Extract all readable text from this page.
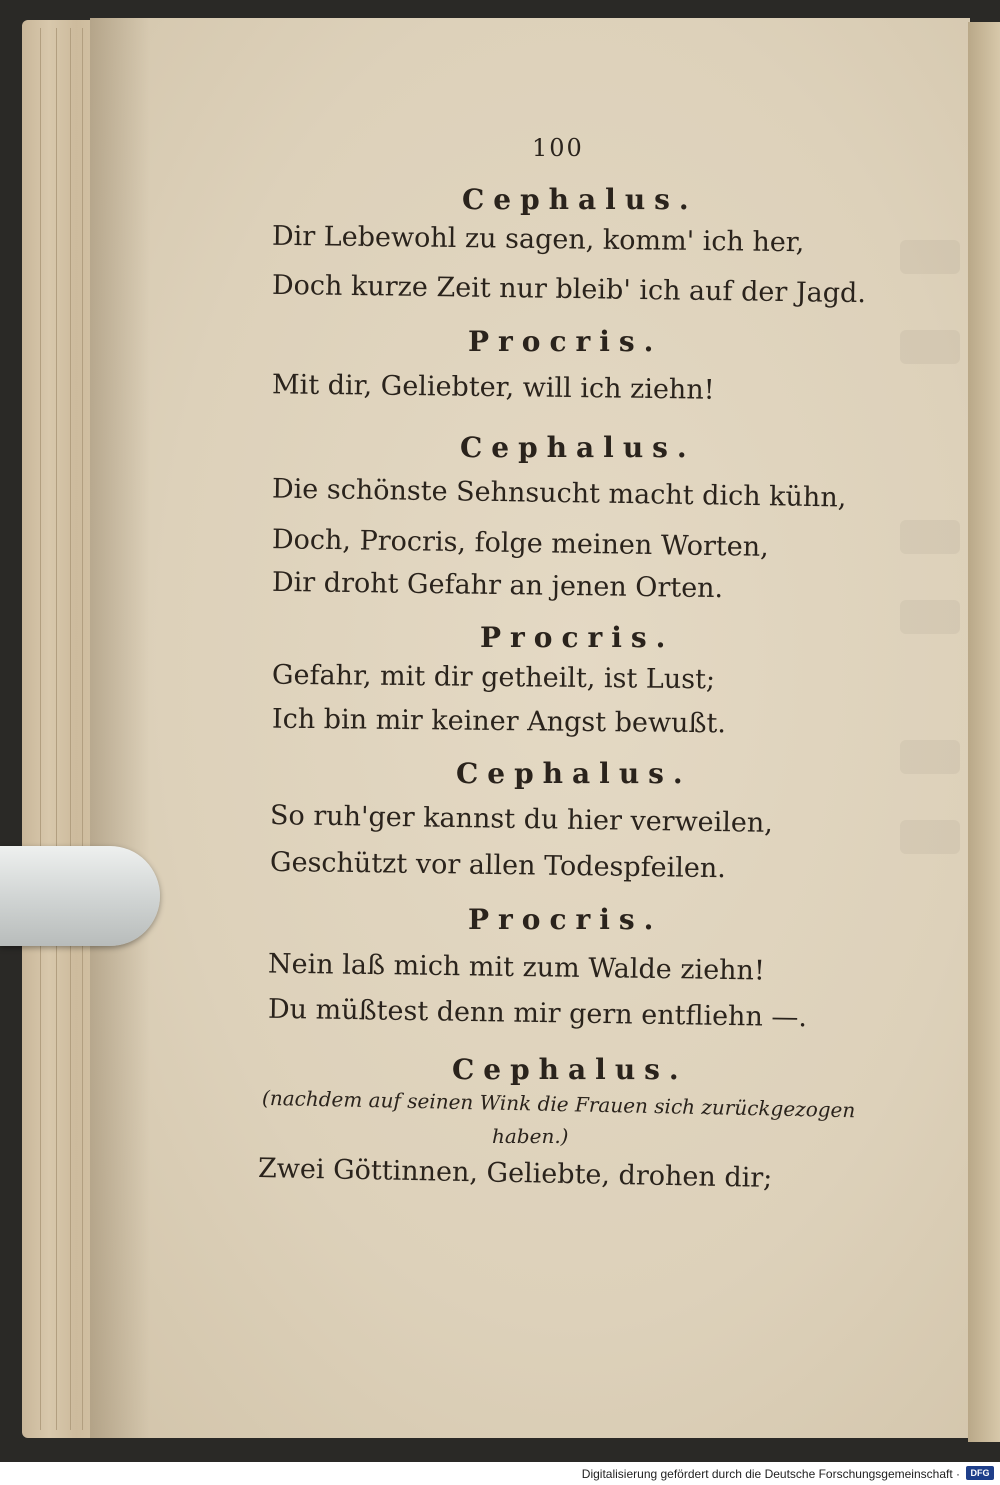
100
Cephalus.
Dir Lebewohl zu sagen, komm' ich her,
Doch kurze Zeit nur bleib' ich auf der Jagd.
Procris.
Mit dir, Geliebter, will ich ziehn!
Cephalus.
Die schönste Sehnsucht macht dich kühn,
Doch, Procris, folge meinen Worten,
Dir droht Gefahr an jenen Orten.
Procris.
Gefahr, mit dir getheilt, ist Lust;
Ich bin mir keiner Angst bewußt.
Cephalus.
So ruh'ger kannst du hier verweilen,
Geschützt vor allen Todespfeilen.
Procris.
Nein laß mich mit zum Walde ziehn!
Du müßtest denn mir gern entfliehn —.
Cephalus.
(nachdem auf seinen Wink die Frauen sich zurückgezogen
haben.)
Zwei Göttinnen, Geliebte, drohen dir;
Digitalisierung gefördert durch die Deutsche Forschungsgemeinschaft ·	DFG
